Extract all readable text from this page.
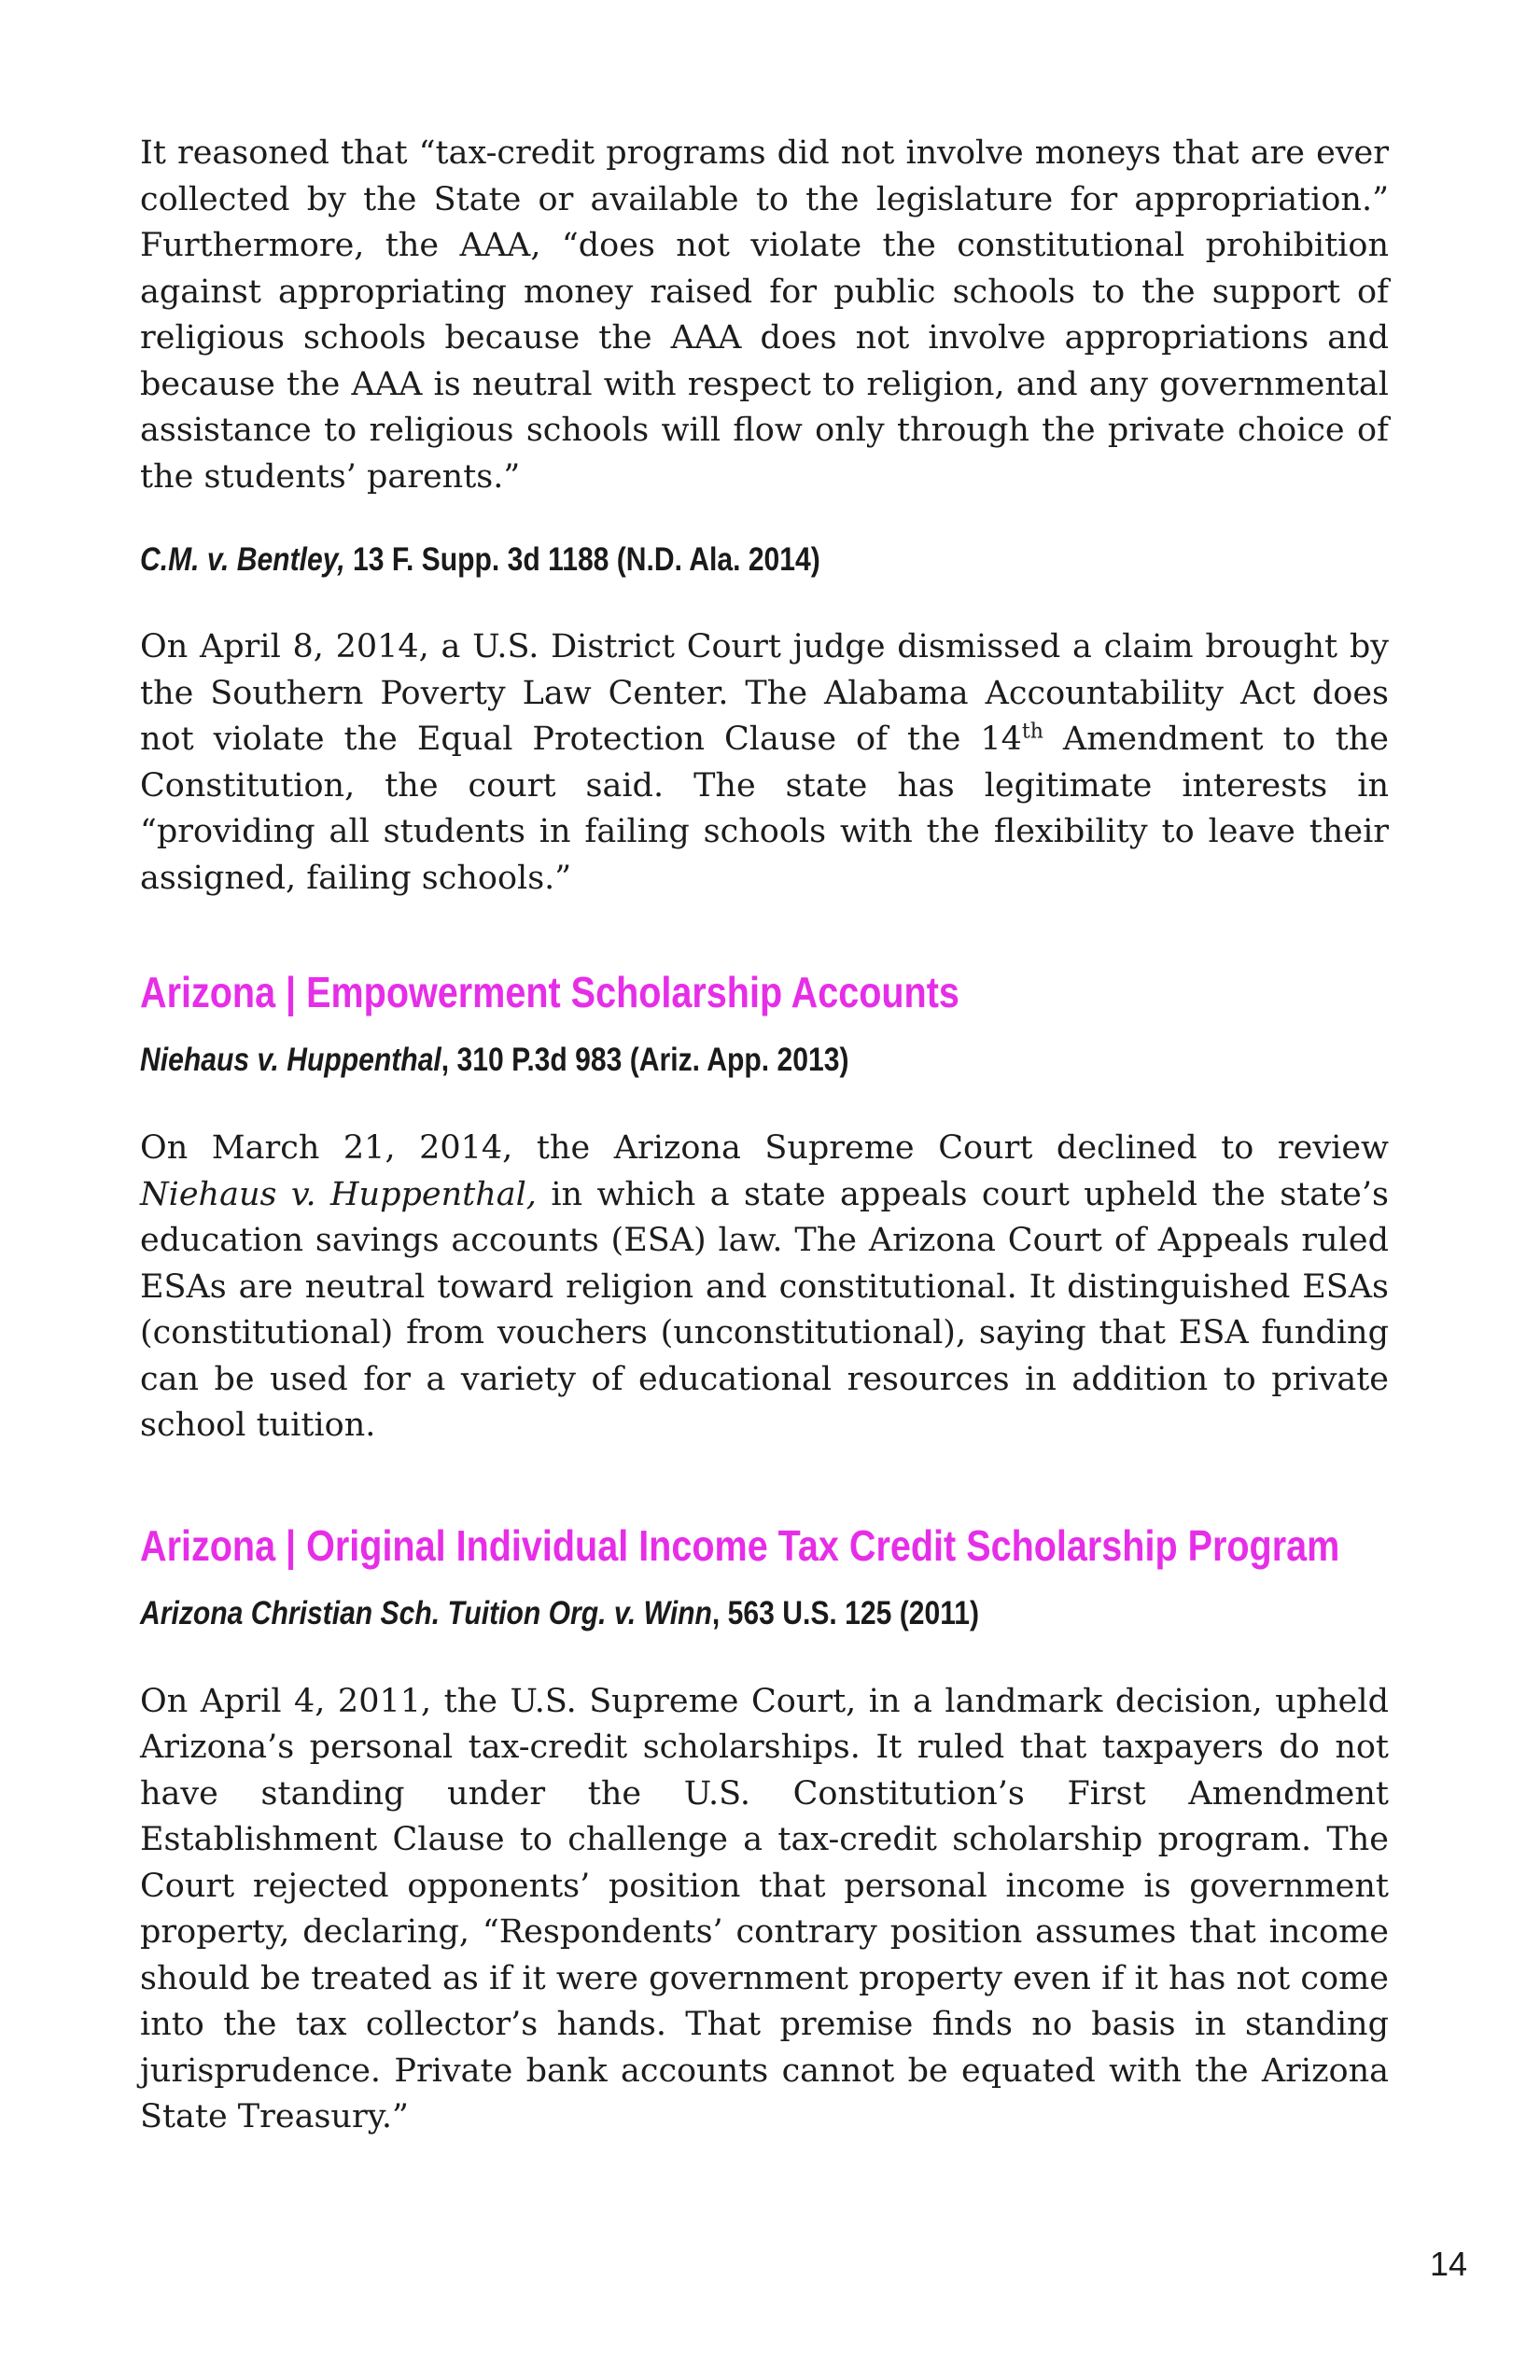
It reasoned that “tax-credit programs did not involve moneys that are ever collected by the State or available to the legislature for appropriation.” Furthermore, the AAA, “does not violate the constitutional prohibition against appropriating money raised for public schools to the support of religious schools because the AAA does not involve appropriations and because the AAA is neutral with respect to religion, and any governmental assistance to religious schools will flow only through the private choice of the students’ parents.”

C.M. v. Bentley, 13 F. Supp. 3d 1188 (N.D. Ala. 2014)

On April 8, 2014, a U.S. District Court judge dismissed a claim brought by the Southern Poverty Law Center. The Alabama Accountability Act does not violate the Equal Protection Clause of the 14th Amendment to the Constitution, the court said. The state has legitimate interests in “providing all students in failing schools with the flexibility to leave their assigned, failing schools.”

Arizona | Empowerment Scholarship Accounts

Niehaus v. Huppenthal, 310 P.3d 983 (Ariz. App. 2013)

On March 21, 2014, the Arizona Supreme Court declined to review Niehaus v. Huppenthal, in which a state appeals court upheld the state’s education savings accounts (ESA) law. The Arizona Court of Appeals ruled ESAs are neutral toward religion and constitutional. It distinguished ESAs (constitutional) from vouchers (unconstitutional), saying that ESA funding can be used for a variety of educational resources in addition to private school tuition.

Arizona | Original Individual Income Tax Credit Scholarship Program

Arizona Christian Sch. Tuition Org. v. Winn, 563 U.S. 125 (2011)

On April 4, 2011, the U.S. Supreme Court, in a landmark decision, upheld Arizona’s personal tax-credit scholarships. It ruled that taxpayers do not have standing under the U.S. Constitution’s First Amendment Establishment Clause to challenge a tax-credit scholarship program. The Court rejected opponents’ position that personal income is government property, declaring, “Respondents’ contrary position assumes that income should be treated as if it were government property even if it has not come into the tax collector’s hands. That premise finds no basis in standing jurisprudence. Private bank accounts cannot be equated with the Arizona State Treasury.”

14
